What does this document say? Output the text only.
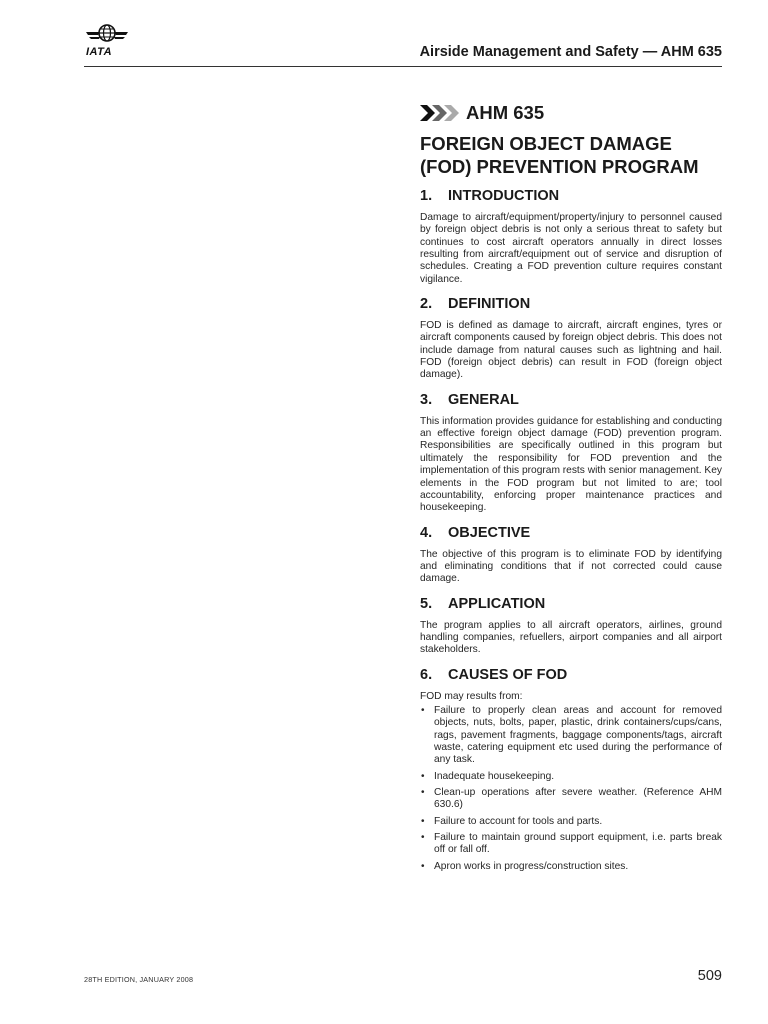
IATA	Airside Management and Safety — AHM 635
AHM 635
FOREIGN OBJECT DAMAGE
(FOD) PREVENTION PROGRAM
1.	INTRODUCTION

Damage to aircraft/equipment/property/injury to personnel caused by foreign object debris is not only a serious threat to safety but continues to cost aircraft operators annually in direct losses resulting from aircraft/equipment out of service and disruption of schedules. Creating a FOD prevention culture requires constant vigilance.

2.	DEFINITION

FOD is defined as damage to aircraft, aircraft engines, tyres or aircraft components caused by foreign object debris. This does not include damage from natural causes such as lightning and hail. FOD (foreign object debris) can result in FOD (foreign object damage).

3.	GENERAL

This information provides guidance for establishing and conducting an effective foreign object damage (FOD) prevention program. Responsibilities are specifically outlined in this program but ultimately the responsibility for FOD prevention and the implementation of this program rests with senior management. Key elements in the FOD program but not limited to are; tool accountability, enforcing proper maintenance practices and housekeeping.

4.	OBJECTIVE

The objective of this program is to eliminate FOD by identifying and eliminating conditions that if not corrected could cause damage.

5.	APPLICATION

The program applies to all aircraft operators, airlines, ground handling companies, refuellers, airport companies and all airport stakeholders.

6.	CAUSES OF FOD

FOD may results from:

• Failure to properly clean areas and account for removed objects, nuts, bolts, paper, plastic, drink containers/cups/cans, rags, pavement fragments, baggage components/tags, aircraft waste, catering equipment etc used during the performance of any task.
• Inadequate housekeeping.
• Clean-up operations after severe weather. (Reference AHM 630.6)
• Failure to account for tools and parts.
• Failure to maintain ground support equipment, i.e. parts break off or fall off.
• Apron works in progress/construction sites.
28TH EDITION, JANUARY 2008	509
